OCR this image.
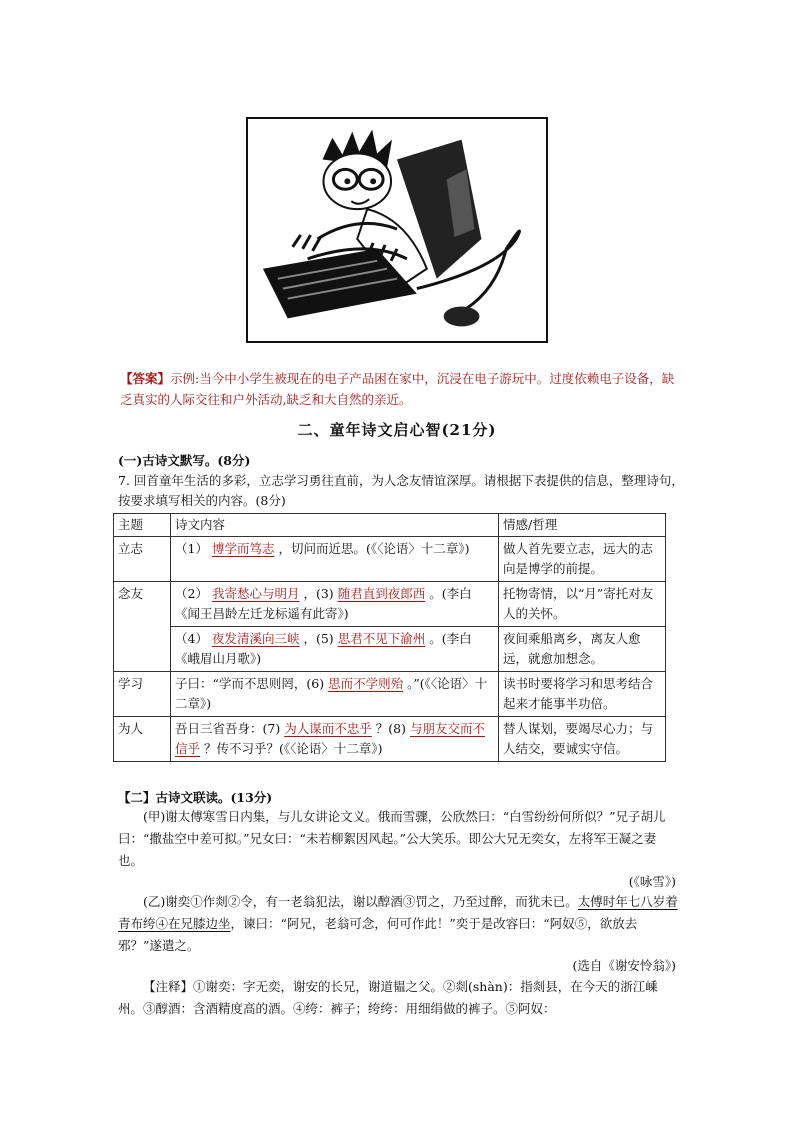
【答案】示例:当今中小学生被现在的电子产品困在家中，沉浸在电子游玩中。过度依赖电子设备，缺乏真实的人际交往和户外活动,缺乏和大自然的亲近。
二、童年诗文启心智(21分)
(一)古诗文默写。(8分)
7. 回首童年生活的多彩，立志学习勇往直前，为人念友情谊深厚。请根据下表提供的信息，整理诗句，按要求填写相关的内容。(8分)
主题	诗文内容	情感/哲理
立志	（1） 博学而笃志 ，切问而近思。(《〈论语〉十二章》)	做人首先要立志，远大的志向是博学的前提。
念友	（2） 我寄愁心与明月 ，(3) 随君直到夜郎西 。(李白《闻王昌龄左迁龙标遥有此寄》)	托物寄情，以“月”寄托对友人的关怀。
	（4） 夜发清溪向三峡 ，(5) 思君不见下渝州 。(李白《峨眉山月歌》)	夜间乘船离乡，离友人愈远，就愈加想念。
学习	子曰：“学而不思则罔，(6) 思而不学则殆 。”(《〈论语〉十二章》)	读书时要将学习和思考结合起来才能事半功倍。
为人	吾日三省吾身：(7) 为人谋而不忠乎 ？(8) 与朋友交而不信乎 ？传不习乎？(《〈论语〉十二章》)	替人谋划，要竭尽心力；与人结交，要诚实守信。
【二】古诗文联读。(13分)
(甲)谢太傅寒雪日内集，与儿女讲论文义。俄而雪骤，公欣然曰：“白雪纷纷何所似？”兄子胡儿曰：“撒盐空中差可拟。”兄女曰：“未若柳絮因风起。”公大笑乐。即公大兄无奕女，左将军王凝之妻也。
(《咏雪》)
(乙)谢奕①作剡②令，有一老翁犯法，谢以醇酒③罚之，乃至过醉，而犹未已。太傅时年七八岁着青布绔④在兄膝边坐，谏曰：“阿兄，老翁可念，何可作此！”奕于是改容曰：“阿奴⑤，欲放去邪？”遂遣之。
(选自《谢安怜翁》)
【注释】①谢奕：字无奕，谢安的长兄，谢道韫之父。②剡(shàn)：指剡县，在今天的浙江嵊州。③醇酒：含酒精度高的酒。④绔：裤子；绔绔：用细绢做的裤子。⑤阿奴：
